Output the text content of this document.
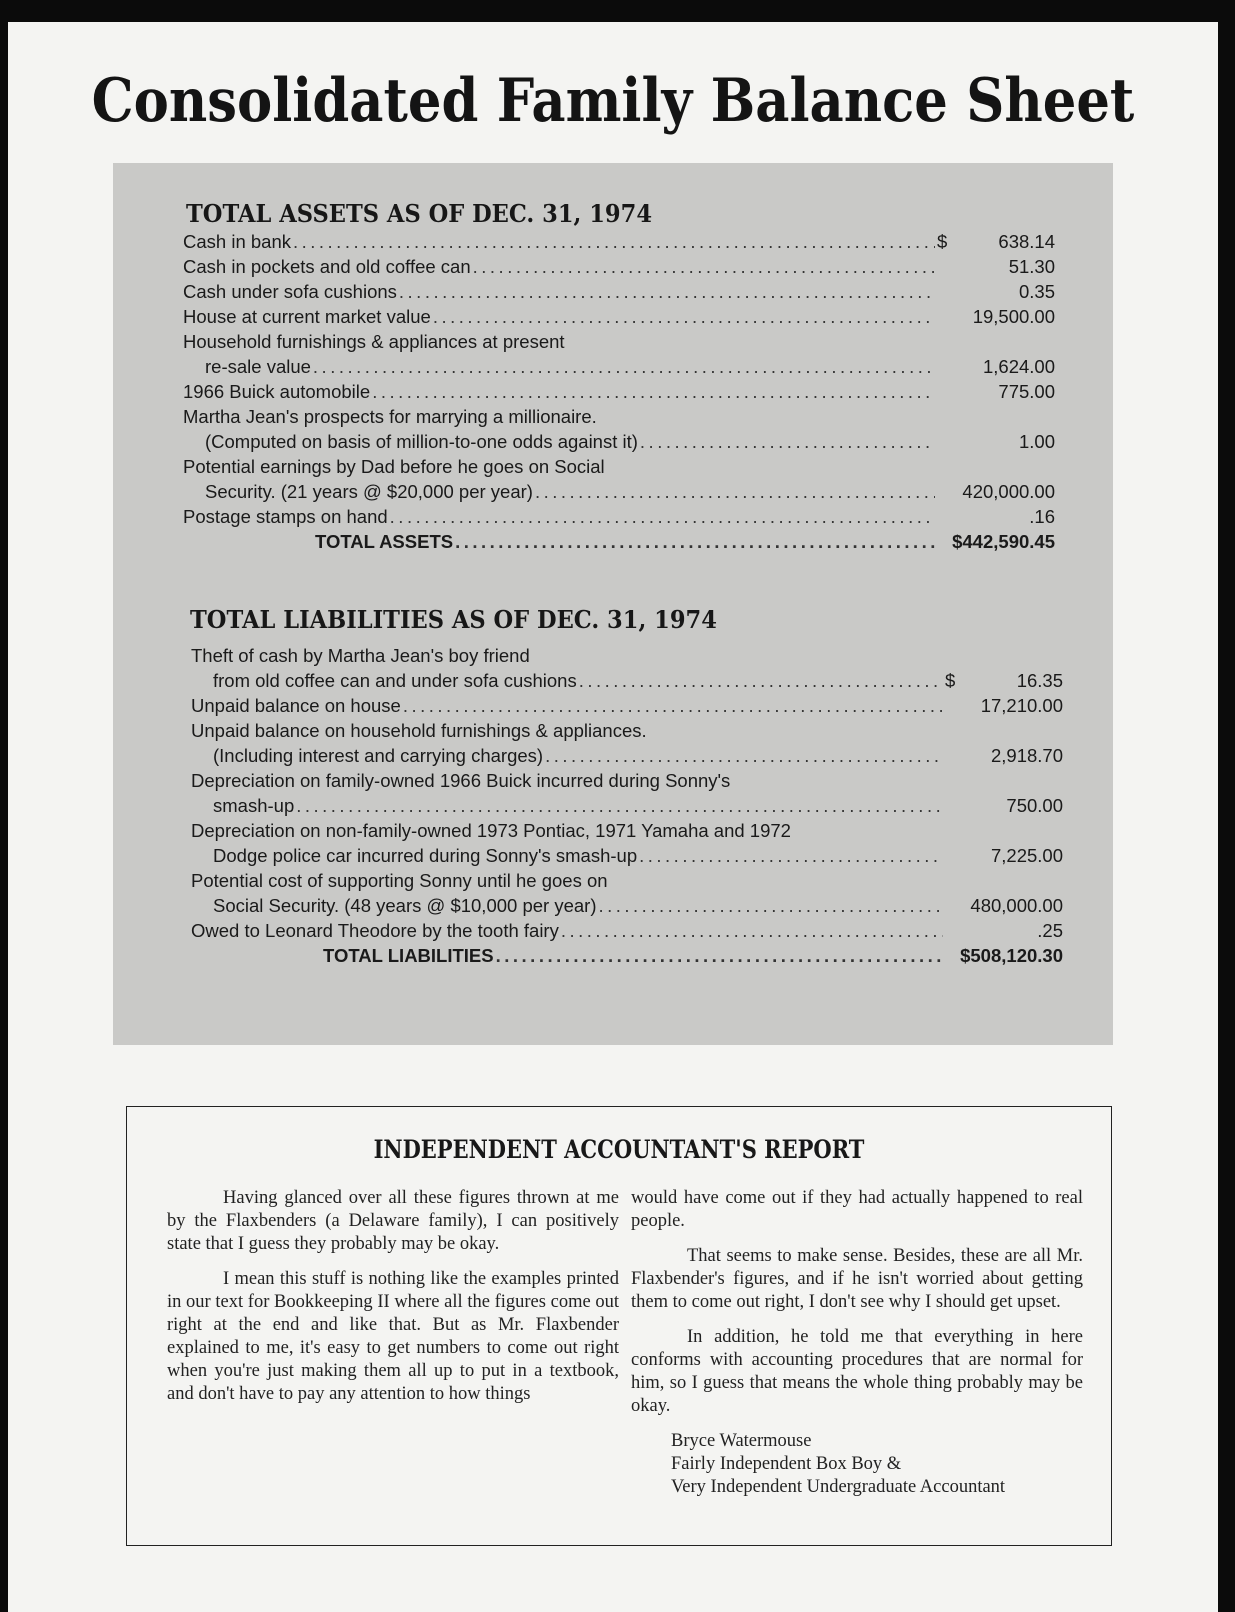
Consolidated Family Balance Sheet
TOTAL ASSETS AS OF DEC. 31, 1974
Cash in bank .....	$	638.14
Cash in pockets and old coffee can .....	51.30
Cash under sofa cushions .....	0.35
House at current market value .....	19,500.00
Household furnishings & appliances at present
re-sale value .....	1,624.00
1966 Buick automobile .....	775.00
Martha Jean's prospects for marrying a millionaire.
(Computed on basis of million-to-one odds against it) .....	1.00
Potential earnings by Dad before he goes on Social
Security. (21 years @ $20,000 per year) .....	420,000.00
Postage stamps on hand .....	.16
TOTAL ASSETS .....	$442,590.45
TOTAL LIABILITIES AS OF DEC. 31, 1974
Theft of cash by Martha Jean's boy friend
from old coffee can and under sofa cushions .....	$	16.35
Unpaid balance on house .....	17,210.00
Unpaid balance on household furnishings & appliances.
(Including interest and carrying charges) .....	2,918.70
Depreciation on family-owned 1966 Buick incurred during Sonny's
smash-up .....	750.00
Depreciation on non-family-owned 1973 Pontiac, 1971 Yamaha and 1972
Dodge police car incurred during Sonny's smash-up .....	7,225.00
Potential cost of supporting Sonny until he goes on
Social Security. (48 years @ $10,000 per year) .....	480,000.00
Owed to Leonard Theodore by the tooth fairy .....	.25
TOTAL LIABILITIES .....	$508,120.30
INDEPENDENT ACCOUNTANT'S REPORT

Having glanced over all these figures thrown at me by the Flaxbenders (a Delaware family), I can positively state that I guess they probably may be okay.

I mean this stuff is nothing like the examples printed in our text for Bookkeeping II where all the figures come out right at the end and like that. But as Mr. Flaxbender explained to me, it's easy to get numbers to come out right when you're just making them all up to put in a textbook, and don't have to pay any attention to how things

would have come out if they had actually happened to real people.

That seems to make sense. Besides, these are all Mr. Flaxbender's figures, and if he isn't worried about getting them to come out right, I don't see why I should get upset.

In addition, he told me that everything in here conforms with accounting procedures that are normal for him, so I guess that means the whole thing probably may be okay.

Bryce Watermouse
Fairly Independent Box Boy &
Very Independent Undergraduate Accountant
